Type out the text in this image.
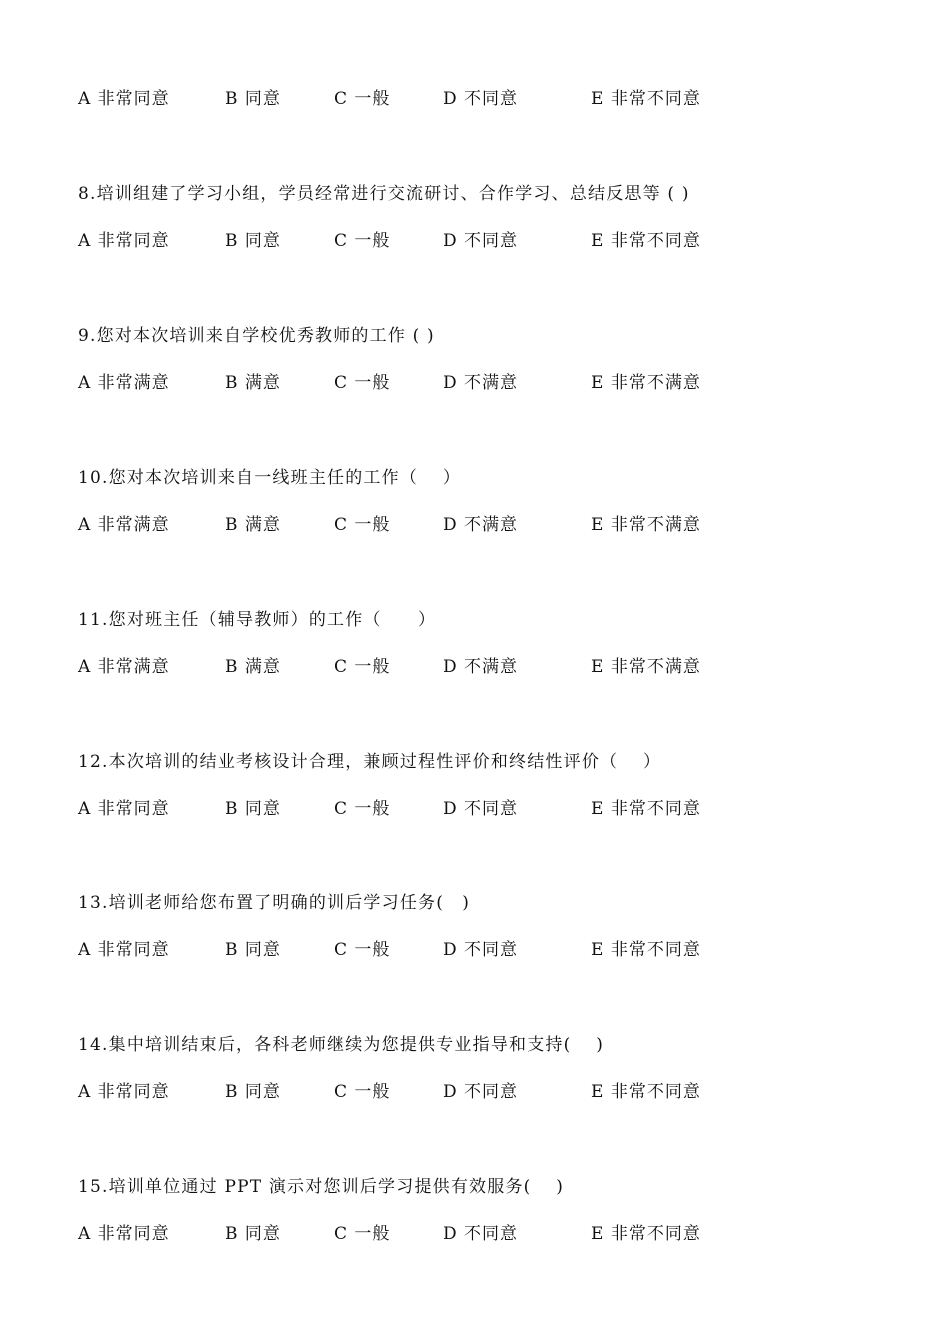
A 非常同意	B 同意	C 一般	D 不同意	E 非常不同意
8.培训组建了学习小组，学员经常进行交流研讨、合作学习、总结反思等 ( )
A 非常同意	B 同意	C 一般	D 不同意	E 非常不同意
9.您对本次培训来自学校优秀教师的工作 ( )
A 非常满意	B 满意	C 一般	D 不满意	E 非常不满意
10.您对本次培训来自一线班主任的工作（　 ）
A 非常满意	B 满意	C 一般	D 不满意	E 非常不满意
11.您对班主任（辅导教师）的工作（　　）
A 非常满意	B 满意	C 一般	D 不满意	E 非常不满意
12.本次培训的结业考核设计合理，兼顾过程性评价和终结性评价（　 ）
A 非常同意	B 同意	C 一般	D 不同意	E 非常不同意
13.培训老师给您布置了明确的训后学习任务(　)
A 非常同意	B 同意	C 一般	D 不同意	E 非常不同意
14.集中培训结束后，各科老师继续为您提供专业指导和支持(　 )
A 非常同意	B 同意	C 一般	D 不同意	E 非常不同意
15.培训单位通过 PPT 演示对您训后学习提供有效服务(　 )
A 非常同意	B 同意	C 一般	D 不同意	E 非常不同意
